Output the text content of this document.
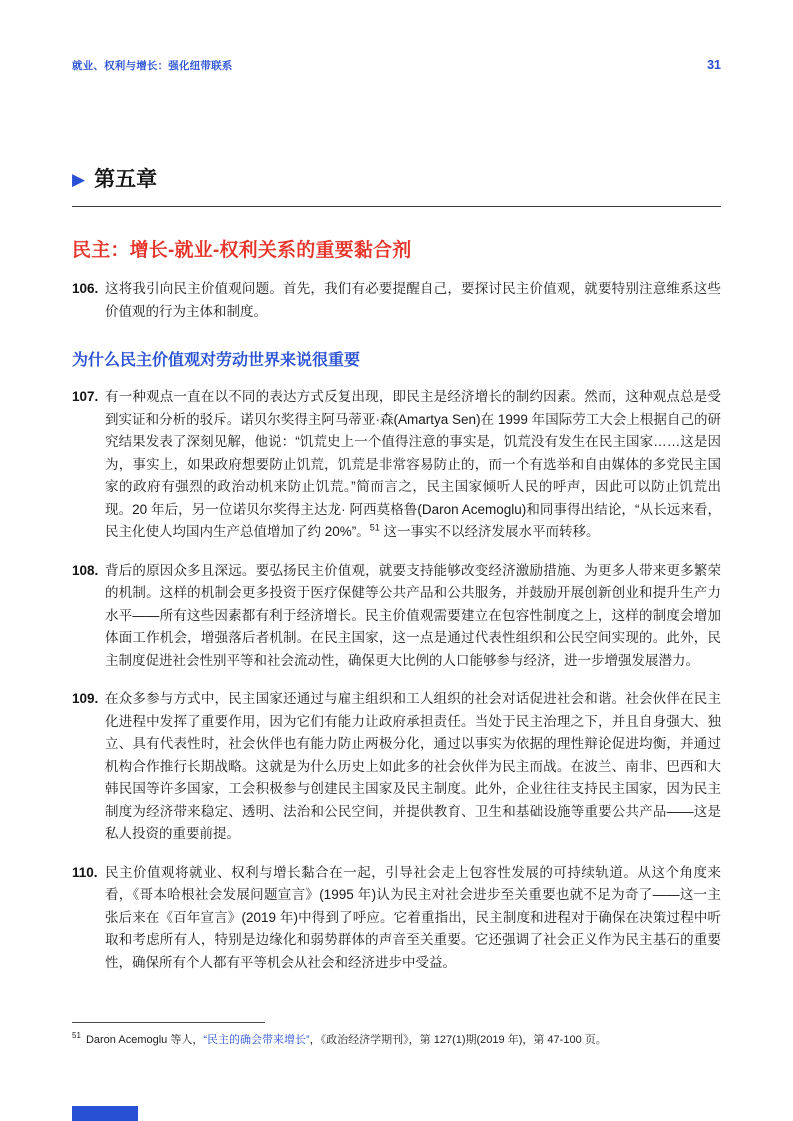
就业、权利与增长：强化纽带联系	31
▶ 第五章
民主：增长-就业-权利关系的重要黏合剂
106. 这将我引向民主价值观问题。首先，我们有必要提醒自己，要探讨民主价值观，就要特别注意维系这些价值观的行为主体和制度。

为什么民主价值观对劳动世界来说很重要
107. 有一种观点一直在以不同的表达方式反复出现，即民主是经济增长的制约因素。然而，这种观点总是受到实证和分析的驳斥。诺贝尔奖得主阿马蒂亚·森(Amartya Sen)在 1999 年国际劳工大会上根据自己的研究结果发表了深刻见解，他说：“饥荒史上一个值得注意的事实是，饥荒没有发生在民主国家……这是因为，事实上，如果政府想要防止饥荒，饥荒是非常容易防止的，而一个有选举和自由媒体的多党民主国家的政府有强烈的政治动机来防止饥荒。”简而言之，民主国家倾听人民的呼声，因此可以防止饥荒出现。20 年后，另一位诺贝尔奖得主达龙· 阿西莫格鲁(Daron Acemoglu)和同事得出结论，“从长远来看，民主化使人均国内生产总值增加了约 20%”。$^{51}$ 这一事实不以经济发展水平而转移。

108. 背后的原因众多且深远。要弘扬民主价值观，就要支持能够改变经济激励措施、为更多人带来更多繁荣的机制。这样的机制会更多投资于医疗保健等公共产品和公共服务，并鼓励开展创新创业和提升生产力水平——所有这些因素都有利于经济增长。民主价值观需要建立在包容性制度之上，这样的制度会增加体面工作机会，增强落后者机制。在民主国家，这一点是通过代表性组织和公民空间实现的。此外，民主制度促进社会性别平等和社会流动性，确保更大比例的人口能够参与经济，进一步增强发展潜力。

109. 在众多参与方式中，民主国家还通过与雇主组织和工人组织的社会对话促进社会和谐。社会伙伴在民主化进程中发挥了重要作用，因为它们有能力让政府承担责任。当处于民主治理之下，并且自身强大、独立、具有代表性时，社会伙伴也有能力防止两极分化，通过以事实为依据的理性辩论促进均衡，并通过机构合作推行长期战略。这就是为什么历史上如此多的社会伙伴为民主而战。在波兰、南非、巴西和大韩民国等许多国家，工会积极参与创建民主国家及民主制度。此外，企业往往支持民主国家，因为民主制度为经济带来稳定、透明、法治和公民空间，并提供教育、卫生和基础设施等重要公共产品——这是私人投资的重要前提。

110. 民主价值观将就业、权利与增长黏合在一起，引导社会走上包容性发展的可持续轨道。从这个角度来看，《哥本哈根社会发展问题宣言》(1995 年)认为民主对社会进步至关重要也就不足为奇了——这一主张后来在《百年宣言》(2019 年)中得到了呼应。它着重指出，民主制度和进程对于确保在决策过程中听取和考虑所有人，特别是边缘化和弱势群体的声音至关重要。它还强调了社会正义作为民主基石的重要性，确保所有个人都有平等机会从社会和经济进步中受益。

$^{51}$ Daron Acemoglu 等人，“民主的确会带来增长”，《政治经济学期刊》，第 127(1)期(2019 年)，第 47-100 页。
